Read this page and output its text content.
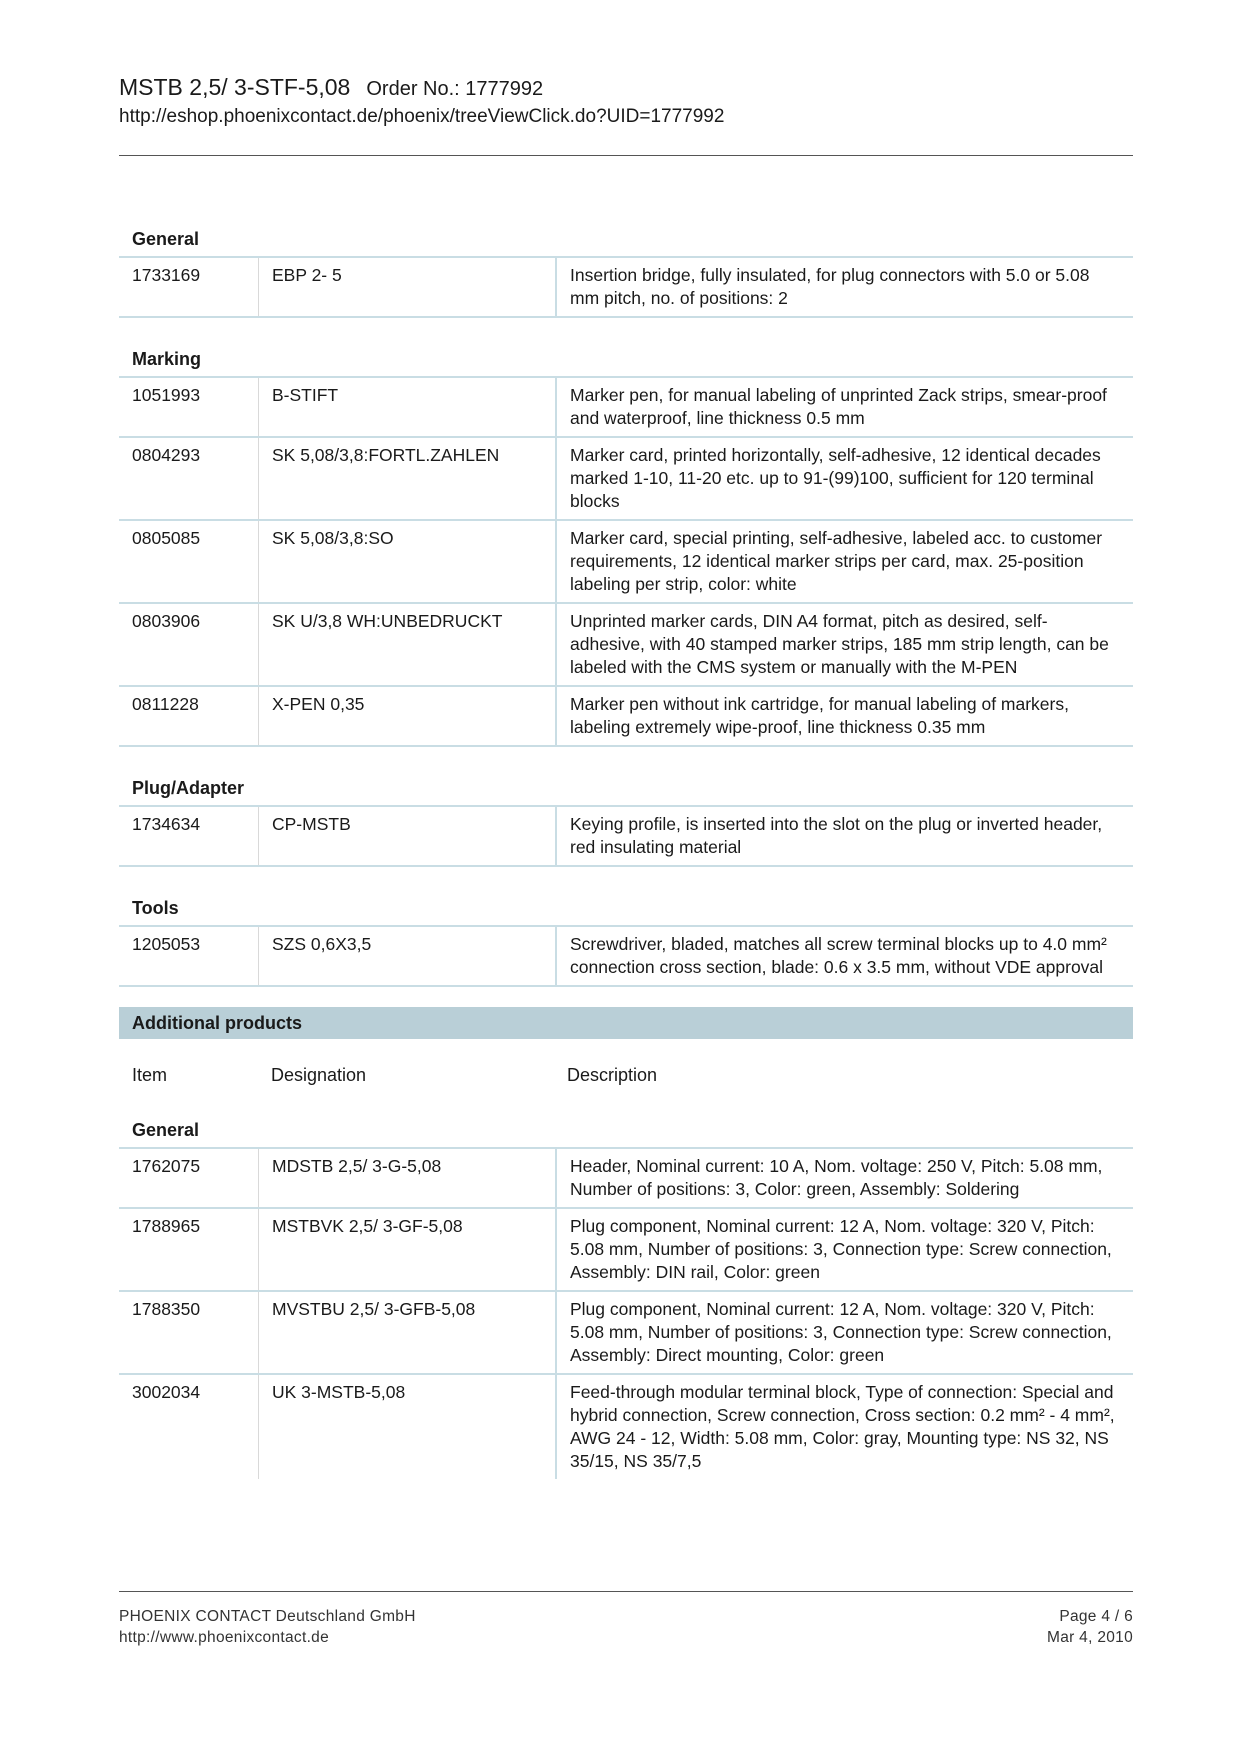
MSTB 2,5/ 3-STF-5,08 Order No.: 1777992
http://eshop.phoenixcontact.de/phoenix/treeViewClick.do?UID=1777992
General
1733169	EBP 2- 5	Insertion bridge, fully insulated, for plug connectors with 5.0 or 5.08 mm pitch, no. of positions: 2
Marking
1051993	B-STIFT	Marker pen, for manual labeling of unprinted Zack strips, smear-proof and waterproof, line thickness 0.5 mm
0804293	SK 5,08/3,8:FORTL.ZAHLEN	Marker card, printed horizontally, self-adhesive, 12 identical decades marked 1-10, 11-20 etc. up to 91-(99)100, sufficient for 120 terminal blocks
0805085	SK 5,08/3,8:SO	Marker card, special printing, self-adhesive, labeled acc. to customer requirements, 12 identical marker strips per card, max. 25-position labeling per strip, color: white
0803906	SK U/3,8 WH:UNBEDRUCKT	Unprinted marker cards, DIN A4 format, pitch as desired, self-adhesive, with 40 stamped marker strips, 185 mm strip length, can be labeled with the CMS system or manually with the M-PEN
0811228	X-PEN 0,35	Marker pen without ink cartridge, for manual labeling of markers, labeling extremely wipe-proof, line thickness 0.35 mm
Plug/Adapter
1734634	CP-MSTB	Keying profile, is inserted into the slot on the plug or inverted header, red insulating material
Tools
1205053	SZS 0,6X3,5	Screwdriver, bladed, matches all screw terminal blocks up to 4.0 mm² connection cross section, blade: 0.6 x 3.5 mm, without VDE approval
Additional products
Item	Designation	Description
General
1762075	MDSTB 2,5/ 3-G-5,08	Header, Nominal current: 10 A, Nom. voltage: 250 V, Pitch: 5.08 mm, Number of positions: 3, Color: green, Assembly: Soldering
1788965	MSTBVK 2,5/ 3-GF-5,08	Plug component, Nominal current: 12 A, Nom. voltage: 320 V, Pitch: 5.08 mm, Number of positions: 3, Connection type: Screw connection, Assembly: DIN rail, Color: green
1788350	MVSTBU 2,5/ 3-GFB-5,08	Plug component, Nominal current: 12 A, Nom. voltage: 320 V, Pitch: 5.08 mm, Number of positions: 3, Connection type: Screw connection, Assembly: Direct mounting, Color: green
3002034	UK 3-MSTB-5,08	Feed-through modular terminal block, Type of connection: Special and hybrid connection, Screw connection, Cross section: 0.2 mm² - 4 mm², AWG 24 - 12, Width: 5.08 mm, Color: gray, Mounting type: NS 32, NS 35/15, NS 35/7,5
PHOENIX CONTACT Deutschland GmbH
http://www.phoenixcontact.de
Page 4 / 6
Mar 4, 2010
